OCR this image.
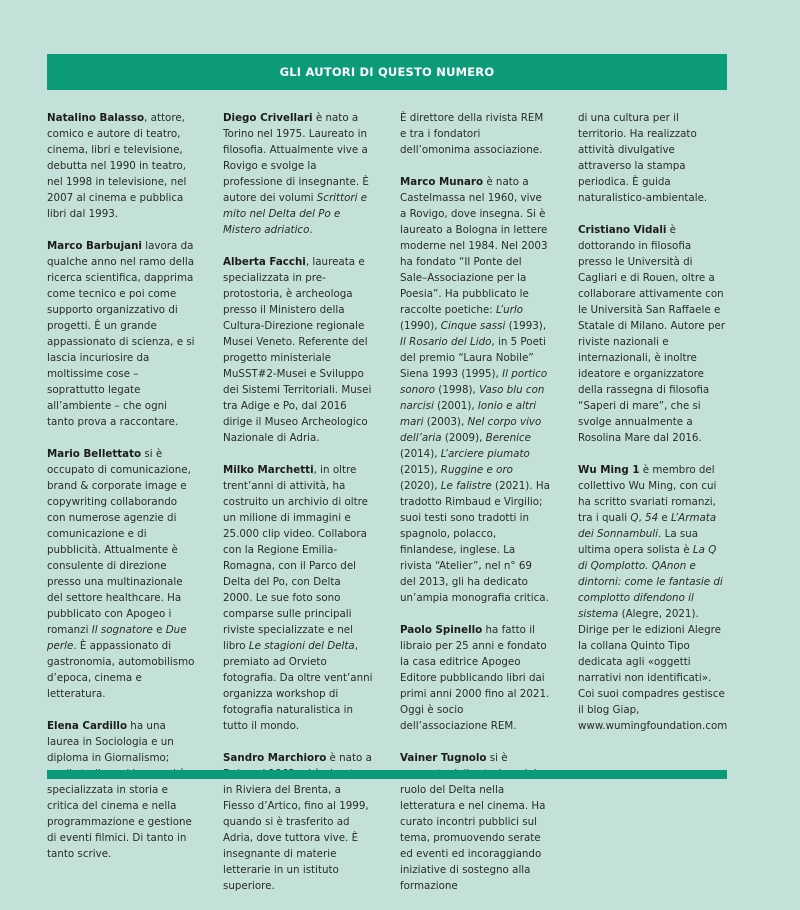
GLI AUTORI DI QUESTO NUMERO

Natalino Balasso, attore, comico e autore di teatro, cinema, libri e televisione, debutta nel 1990 in teatro, nel 1998 in televisione, nel 2007 al cinema e pubblica libri dal 1993.

Marco Barbujani lavora da qualche anno nel ramo della ricerca scientifica, dapprima come tecnico e poi come supporto organizzativo di progetti. È un grande appassionato di scienza, e si lascia incuriosire da moltissime cose – soprattutto legate all’ambiente – che ogni tanto prova a raccontare.

Mario Bellettato si è occupato di comunicazione, brand & corporate image e copywriting collaborando con numerose agenzie di comunicazione e di pubblicità. Attualmente è consulente di direzione presso una multinazionale del settore healthcare. Ha pubblicato con Apogeo i romanzi Il sognatore e Due perle. È appassionato di gastronomia, automobilismo d’epoca, cinema e letteratura.

Elena Cardillo ha una laurea in Sociologia e un diploma in Giornalismo; specializzata in storia e critica del cinema e nella programmazione e gestione di eventi filmici. Di tanto in tanto scrive.

Diego Crivellari è nato a Torino nel 1975. Laureato in filosofia. Attualmente vive a Rovigo e svolge la professione di insegnante. È autore dei volumi Scrittori e mito nel Delta del Po e Mistero adriatico.

Alberta Facchi, laureata e specializzata in pre-protostoria, è archeologa presso il Ministero della Cultura-Direzione regionale Musei Veneto. Referente del progetto ministeriale MuSST#2-Musei e Sviluppo dei Sistemi Territoriali. Musei tra Adige e Po, dal 2016 dirige il Museo Archeologico Nazionale di Adria.

Milko Marchetti, in oltre trent’anni di attività, ha costruito un archivio di oltre un milione di immagini e 25.000 clip video. Collabora con la Regione Emilia-Romagna, con il Parco del Delta del Po, con Delta 2000. Le sue foto sono comparse sulle principali riviste specializzate e nel libro Le stagioni del Delta, premiato ad Orvieto fotografia. Da oltre vent’anni organizza workshop di fotografia naturalistica in tutto il mondo.

Sandro Marchioro è nato a in Riviera del Brenta, a Fiesso d’Artico, fino al 1999, quando si è trasferito ad Adria, dove tuttora vive. È insegnante di materie letterarie in un istituto superiore.

È direttore della rivista REM e tra i fondatori dell’omonima associazione.

Marco Munaro è nato a Castelmassa nel 1960, vive a Rovigo, dove insegna. Si è laureato a Bologna in lettere moderne nel 1984. Nel 2003 ha fondato “Il Ponte del Sale–Associazione per la Poesia”. Ha pubblicato le raccolte poetiche: L’urlo (1990), Cinque sassi (1993), Il Rosario del Lido, in 5 Poeti del premio “Laura Nobile” Siena 1993 (1995), Il portico sonoro (1998), Vaso blu con narcisi (2001), Ionio e altri mari (2003), Nel corpo vivo dell’aria (2009), Berenice (2014), L’arciere piumato (2015), Ruggine e oro (2020), Le falistre (2021). Ha tradotto Rimbaud e Virgilio; suoi testi sono tradotti in spagnolo, polacco, finlandese, inglese. La rivista “Atelier”, nel n° 69 del 2013, gli ha dedicato un’ampia monografia critica.

Paolo Spinello ha fatto il libraio per 25 anni e fondato la casa editrice Apogeo Editore pubblicando libri dai primi anni 2000 fino al 2021. Oggi è socio dell’associazione REM.

Vainer Tugnolo si è ruolo del Delta nella letteratura e nel cinema. Ha curato incontri pubblici sul tema, promuovendo serate ed eventi ed incoraggiando iniziative di sostegno alla formazione

di una cultura per il territorio. Ha realizzato attività divulgative attraverso la stampa periodica. È guida naturalistico-ambientale.

Cristiano Vidali è dottorando in filosofia presso le Università di Cagliari e di Rouen, oltre a collaborare attivamente con le Università San Raffaele e Statale di Milano. Autore per riviste nazionali e internazionali, è inoltre ideatore e organizzatore della rassegna di filosofia “Saperi di mare”, che si svolge annualmente a Rosolina Mare dal 2016.

Wu Ming 1 è membro del collettivo Wu Ming, con cui ha scritto svariati romanzi, tra i quali Q, 54 e L’Armata dei Sonnambuli. La sua ultima opera solista è La Q di Qomplotto. QAnon e dintorni: come le fantasie di complotto difendono il sistema (Alegre, 2021). Dirige per le edizioni Alegre la collana Quinto Tipo dedicata agli «oggetti narrativi non identificati». Coi suoi compadres gestisce il blog Giap, www.wumingfoundation.com
